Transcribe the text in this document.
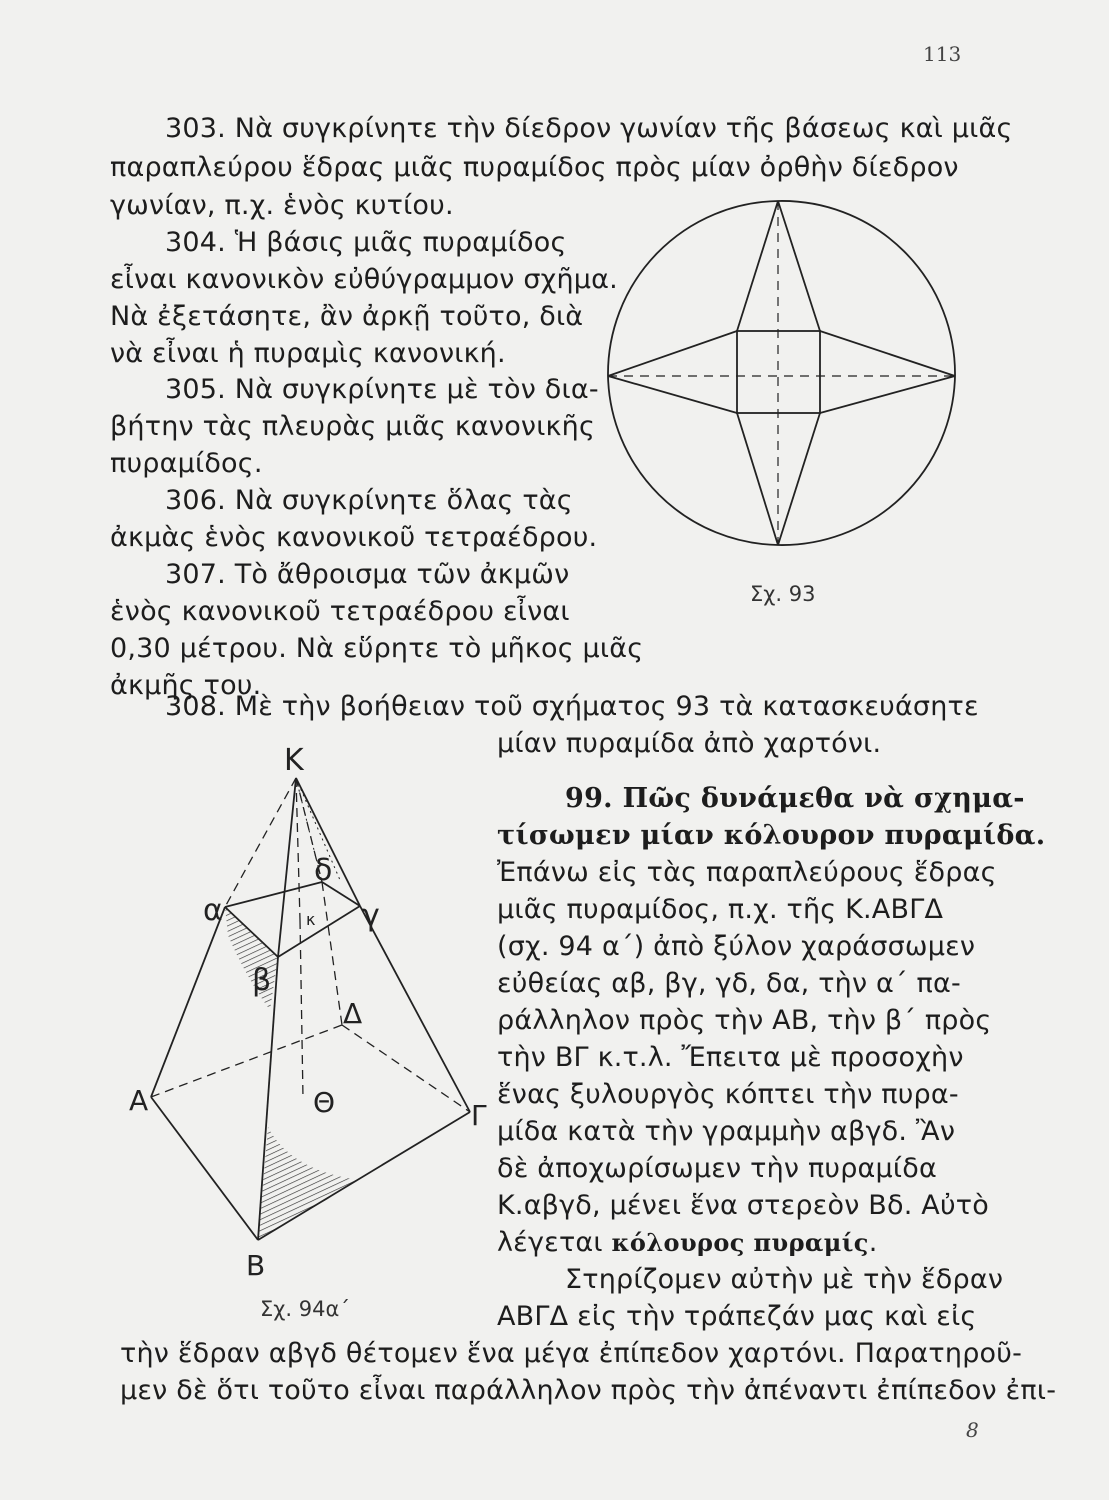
113
303. Νὰ συγκρίνητε τὴν δίεδρον γωνίαν τῆς βάσεως καὶ μιᾶς
παραπλεύρου ἕδρας μιᾶς πυραμίδος πρὸς μίαν ὀρθὴν δίεδρον
γωνίαν, π.χ. ἑνὸς κυτίου.
304. Ἡ βάσις μιᾶς πυραμίδος
εἶναι κανονικὸν εὐθύγραμμον σχῆμα.
Νὰ ἐξετάσητε, ἂν ἀρκῇ τοῦτο, διὰ
νὰ εἶναι ἡ πυραμὶς κανονική.
305. Νὰ συγκρίνητε μὲ τὸν δια-
βήτην τὰς πλευρὰς μιᾶς κανονικῆς
πυραμίδος.
306. Νὰ συγκρίνητε ὅλας τὰς
ἀκμὰς ἑνὸς κανονικοῦ τετραέδρου.
307. Τὸ ἄθροισμα τῶν ἀκμῶν
ἑνὸς κανονικοῦ τετραέδρου εἶναι
0,30 μέτρου. Νὰ εὕρητε τὸ μῆκος μιᾶς
ἀκμῆς του.
308. Μὲ τὴν βοήθειαν τοῦ σχήματος 93 τὰ κατασκευάσητε
μίαν πυραμίδα ἀπὸ χαρτόνι.
Σχ. 93
99. Πῶς δυνάμεθα νὰ σχημα-
τίσωμεν μίαν κόλουρον πυραμίδα.
Ἐπάνω εἰς τὰς παραπλεύρους ἕδρας
μιᾶς πυραμίδος, π.χ. τῆς Κ.ΑΒΓΔ
(σχ. 94 α΄) ἀπὸ ξύλον χαράσσωμεν
εὐθείας αβ, βγ, γδ, δα, τὴν α΄ πα-
ράλληλον πρὸς τὴν ΑΒ, τὴν β΄ πρὸς
τὴν ΒΓ κ.τ.λ. Ἔπειτα μὲ προσοχὴν
ἕνας ξυλουργὸς κόπτει τὴν πυρα-
μίδα κατὰ τὴν γραμμὴν αβγδ. Ἂν
δὲ ἀποχωρίσωμεν τὴν πυραμίδα
Κ.αβγδ, μένει ἕνα στερεὸν Βδ. Αὐτὸ
λέγεται κόλουρος πυραμίς.
Στηρίζομεν αὐτὴν μὲ τὴν ἕδραν
ΑΒΓΔ εἰς τὴν τράπεζάν μας καὶ εἰς
τὴν ἕδραν αβγδ θέτομεν ἕνα μέγα ἐπίπεδον χαρτόνι. Παρατηροῦ-
μεν δὲ ὅτι τοῦτο εἶναι παράλληλον πρὸς τὴν ἀπέναντι ἐπίπεδον ἐπι-
Σχ. 94α΄
8
K
α
β
γ
δ
κ
A
B
Γ
Δ
Θ
